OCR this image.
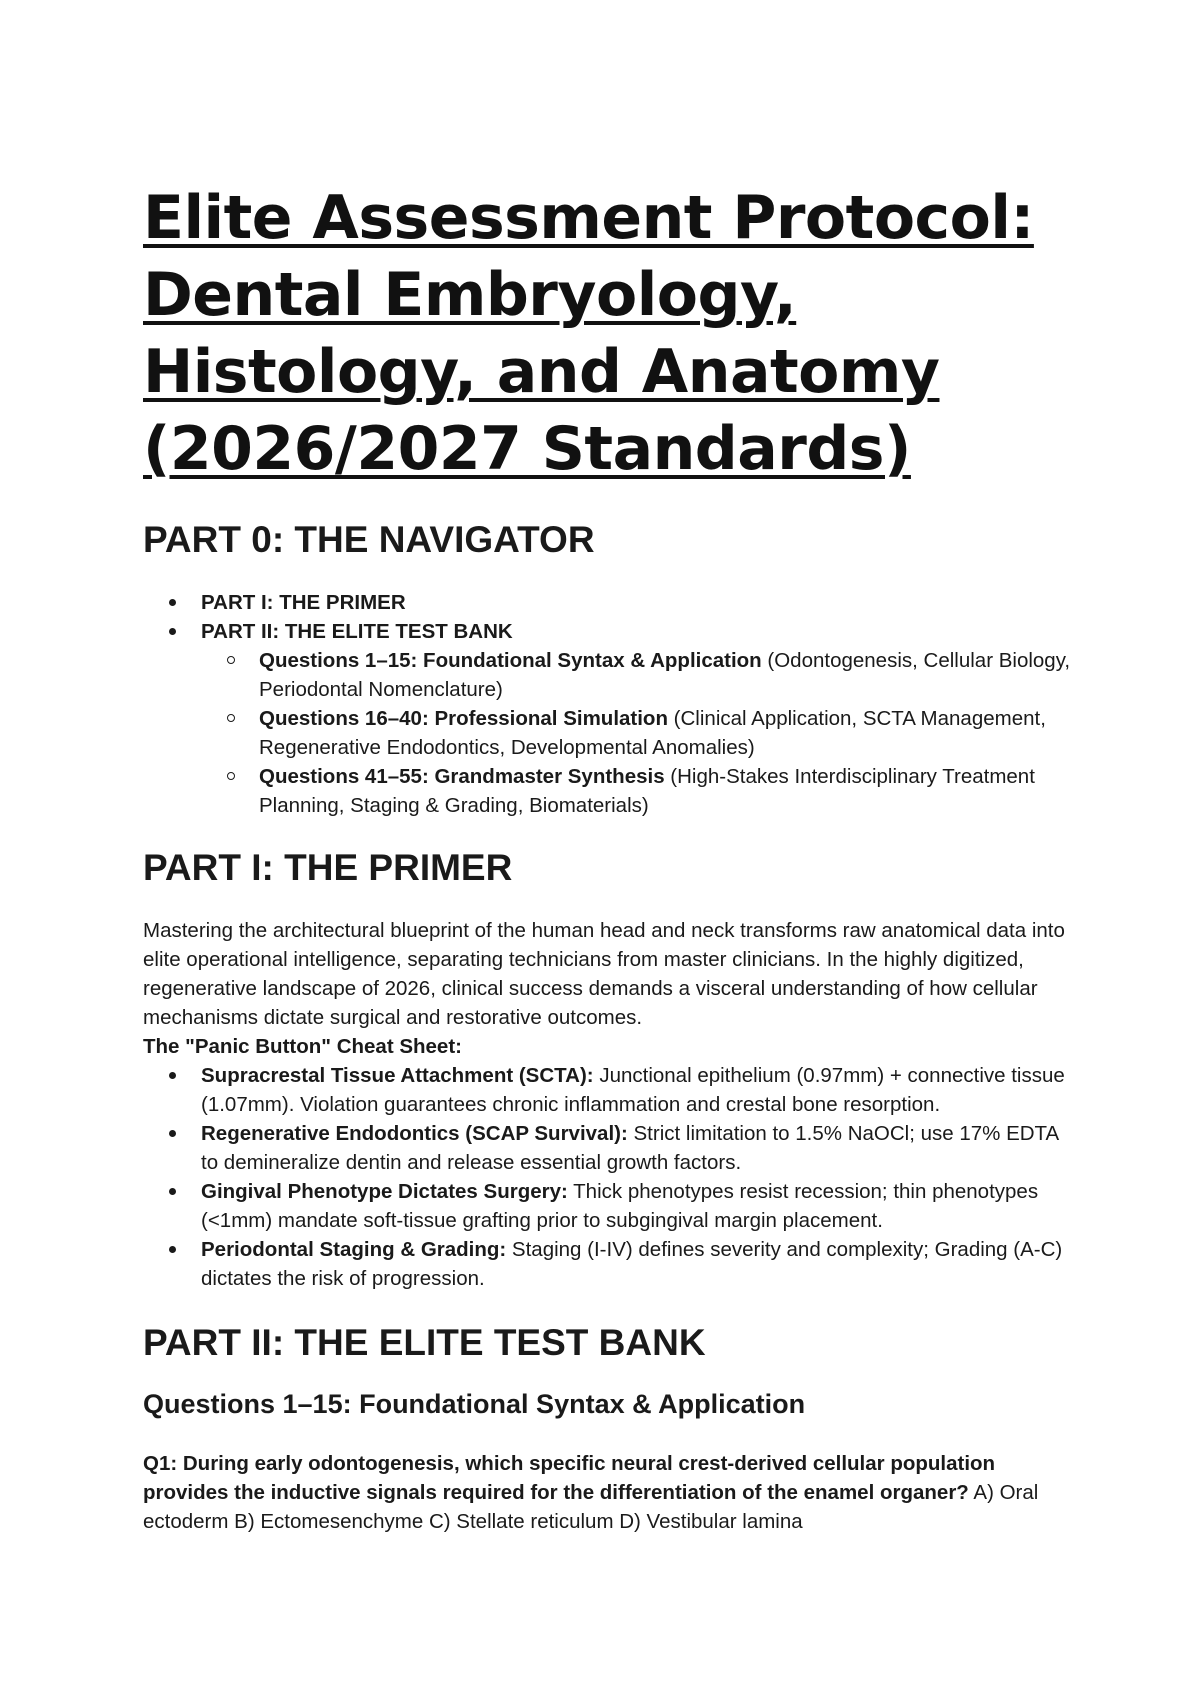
Elite Assessment Protocol:
Dental Embryology,
Histology, and Anatomy
(2026/2027 Standards)
PART 0: THE NAVIGATOR
PART I: THE PRIMER
PART II: THE ELITE TEST BANK
Questions 1–15: Foundational Syntax & Application (Odontogenesis, Cellular Biology, Periodontal Nomenclature)
Questions 16–40: Professional Simulation (Clinical Application, SCTA Management, Regenerative Endodontics, Developmental Anomalies)
Questions 41–55: Grandmaster Synthesis (High-Stakes Interdisciplinary Treatment Planning, Staging & Grading, Biomaterials)
PART I: THE PRIMER

Mastering the architectural blueprint of the human head and neck transforms raw anatomical data into elite operational intelligence, separating technicians from master clinicians. In the highly digitized, regenerative landscape of 2026, clinical success demands a visceral understanding of how cellular mechanisms dictate surgical and restorative outcomes.

The "Panic Button" Cheat Sheet:

Supracrestal Tissue Attachment (SCTA): Junctional epithelium (0.97mm) + connective tissue (1.07mm). Violation guarantees chronic inflammation and crestal bone resorption.
Regenerative Endodontics (SCAP Survival): Strict limitation to 1.5% NaOCl; use 17% EDTA to demineralize dentin and release essential growth factors.
Gingival Phenotype Dictates Surgery: Thick phenotypes resist recession; thin phenotypes (<1mm) mandate soft-tissue grafting prior to subgingival margin placement.
Periodontal Staging & Grading: Staging (I-IV) defines severity and complexity; Grading (A-C) dictates the risk of progression.
PART II: THE ELITE TEST BANK
Questions 1–15: Foundational Syntax & Application

Q1: During early odontogenesis, which specific neural crest-derived cellular population provides the inductive signals required for the differentiation of the enamel organer? A) Oral ectoderm B) Ectomesenchyme C) Stellate reticulum D) Vestibular lamina
